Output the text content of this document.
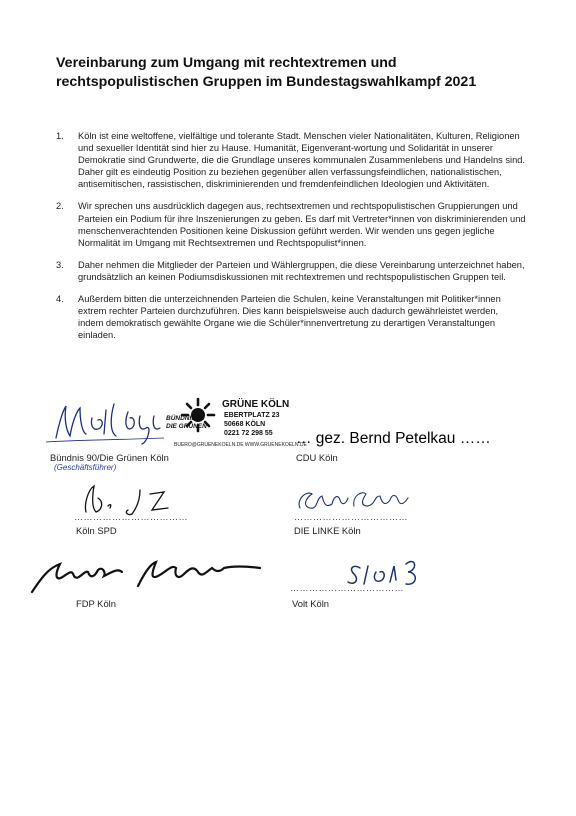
Vereinbarung zum Umgang mit rechtextremen und rechtspopulistischen Gruppen im Bundestagswahlkampf 2021
1. Köln ist eine weltoffene, vielfältige und tolerante Stadt. Menschen vieler Nationalitäten, Kulturen, Religionen und sexueller Identität sind hier zu Hause. Humanität, Eigenverant-wortung und Solidarität in unserer Demokratie sind Grundwerte, die die Grundlage unseres kommunalen Zusammenlebens und Handelns sind. Daher gilt es eindeutig Position zu beziehen gegenüber allen verfassungsfeindlichen, nationalistischen, antisemitischen, rassistischen, diskriminierenden und fremdenfeindlichen Ideologien und Aktivitäten.
2. Wir sprechen uns ausdrücklich dagegen aus, rechtsextremen und rechtspopulistischen Gruppierungen und Parteien ein Podium für ihre Inszenierungen zu geben. Es darf mit Vertreter*innen von diskriminierenden und menschenverachtenden Positionen keine Diskussion geführt werden. Wir wenden uns gegen jegliche Normalität im Umgang mit Rechtsextremen und Rechtspopulist*innen.
3. Daher nehmen die Mitglieder der Parteien und Wählergruppen, die diese Vereinbarung unterzeichnet haben, grundsätzlich an keinen Podiumsdiskussionen mit rechtextremen und rechtspopulistischen Gruppen teil.
4. Außerdem bitten die unterzeichnenden Parteien die Schulen, keine Veranstaltungen mit Politiker*innen extrem rechter Parteien durchzuführen. Dies kann beispielsweise auch dadurch gewährleistet werden, indem demokratisch gewählte Organe wie die Schüler*innenvertretung zu derartigen Veranstaltungen einladen.
Bündnis 90/Die Grünen Köln
(Geschäftsführer)
BÜNDNIS 90
DIE GRÜNEN
GRÜNE KÖLN
EBERTPLATZ 23
50668 KÖLN
0221 72 298 55
BUERO@GRUENEKOELN.DE WWW.GRUENEKOELN.DE
… gez. Bernd Petelkau ……
CDU Köln
………………………………
Köln SPD
………………………………
DIE LINKE Köln
FDP Köln
………………………………
Volt Köln
